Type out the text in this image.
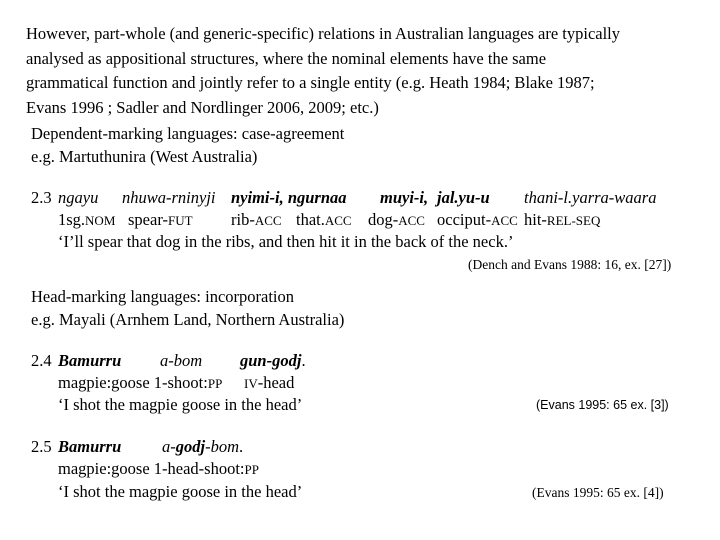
However, part-whole (and generic-specific) relations in Australian languages are typically
analysed as appositional structures, where the nominal elements have the same
grammatical function and jointly refer to a single entity (e.g. Heath 1984; Blake 1987;
Evans 1996 ; Sadler and Nordlinger 2006, 2009; etc.)
Dependent-marking languages: case-agreement
e.g. Martuthunira (West Australia)
2.3 ngayu nhuwa-rninyji nyimi-i, ngurnaa muyi-i, jal.yu-u thani-l.yarra-waara
1sg.NOM spear-FUT rib-ACC that.ACC dog-ACC occiput-ACC hit-REL-SEQ
‘I’ll spear that dog in the ribs, and then hit it in the back of the neck.’
(Dench and Evans 1988: 16, ex. [27])
Head-marking languages: incorporation
e.g. Mayali (Arnhem Land, Northern Australia)
2.4 Bamurru a-bom gun-godj.
magpie:goose 1-shoot:PP IV-head
‘I shot the magpie goose in the head’	(Evans 1995: 65 ex. [3])
2.5 Bamurru a-godj-bom.
magpie:goose 1-head-shoot:PP
‘I shot the magpie goose in the head’	(Evans 1995: 65 ex. [4])
